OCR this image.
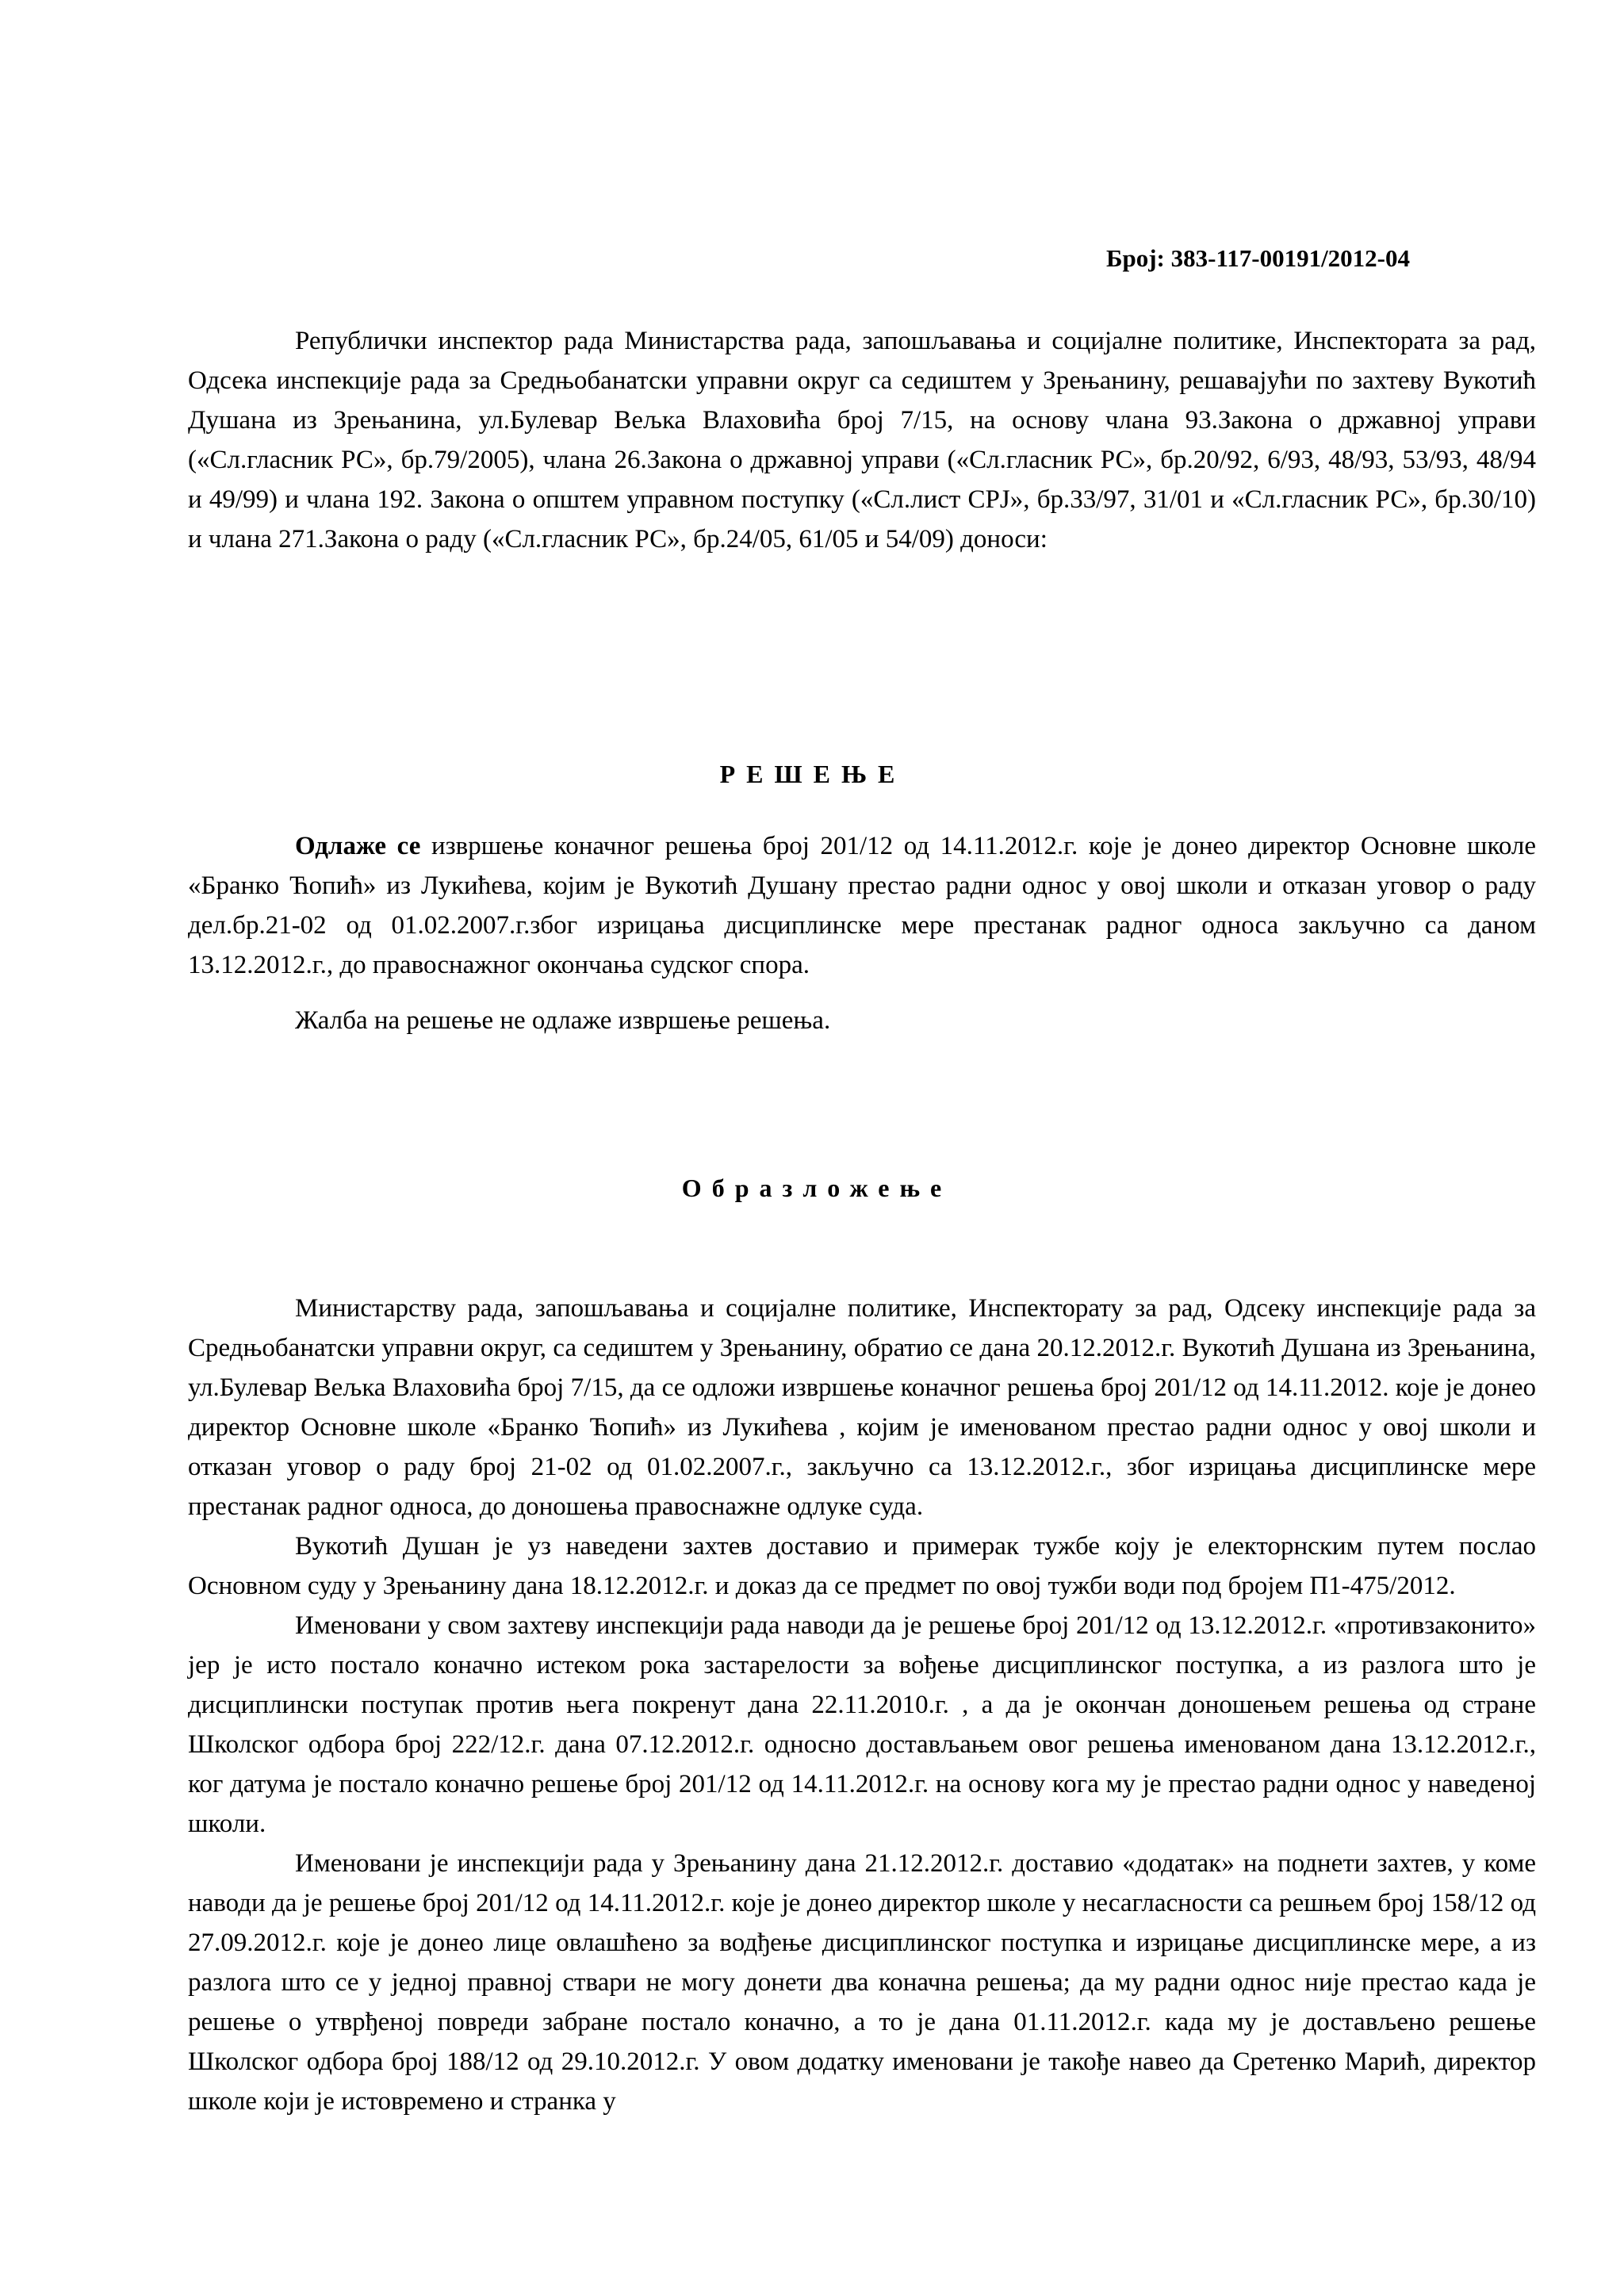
Број: 383-117-00191/2012-04

Републички инспектор рада Министарства рада, запошљавања и социјалне политике, Инспектората за рад, Одсека инспекције рада за Средњобанатски управни округ са седиштем у Зрењанину, решавајући по захтеву Вукотић Душана из Зрењанина, ул.Булевар Вељка Влаховића број 7/15, на основу члана 93.Закона о државној управи («Сл.гласник РС», бр.79/2005), члана 26.Закона о државној управи («Сл.гласник РС», бр.20/92, 6/93, 48/93, 53/93, 48/94 и 49/99) и члана 192. Закона о општем управном поступку («Сл.лист СРЈ», бр.33/97, 31/01 и «Сл.гласник РС», бр.30/10) и члана 271.Закона о раду («Сл.гласник РС», бр.24/05, 61/05 и 54/09) доноси:

РЕШЕЊЕ

Одлаже се извршење коначног решења број 201/12 од 14.11.2012.г. које је донео директор Основне школе «Бранко Ћопић» из Лукићева, којим је Вукотић Душану престао радни однос у овој школи и отказан уговор о раду дел.бр.21-02 од 01.02.2007.г.због изрицања дисциплинске мере престанак радног односа закључно са даном 13.12.2012.г., до правоснажног окончања судског спора.

Жалба на решење не одлаже извршење решења.

Образложење

Министарству рада, запошљавања и социјалне политике, Инспекторату за рад, Одсеку инспекције рада за Средњобанатски управни округ, са седиштем у Зрењанину, обратио се дана 20.12.2012.г. Вукотић Душана из Зрењанина, ул.Булевар Вељка Влаховића број 7/15, да се одложи извршење коначног решења број 201/12 од 14.11.2012. које је донео директор Основне школе «Бранко Ћопић» из Лукићева , којим је именованом престао радни однос у овој школи и отказан уговор о раду број 21-02 од 01.02.2007.г., закључно са 13.12.2012.г., због изрицања дисциплинске мере престанак радног односа, до доношења правоснажне одлуке суда.

Вукотић Душан је уз наведени захтев доставио и примерак тужбе коју је електорнским путем послао Основном суду у Зрењанину дана 18.12.2012.г. и доказ да се предмет по овој тужби води под бројем П1-475/2012.

Именовани у свом захтеву инспекцији рада наводи да је решење број 201/12 од 13.12.2012.г. «противзаконито» јер је исто постало коначно истеком рока застарелости за вођење дисциплинског поступка, а из разлога што је дисциплински поступак против њега покренут дана 22.11.2010.г. , а да је окончан доношењем решења од стране Школског одбора број 222/12.г. дана 07.12.2012.г. односно достављањем овог решења именованом дана 13.12.2012.г., ког датума је постало коначно решење број 201/12 од 14.11.2012.г. на основу кога му је престао радни однос у наведеној школи.

Именовани је инспекцији рада у Зрењанину дана 21.12.2012.г. доставио «додатак» на поднети захтев, у коме наводи да је решење број 201/12 од 14.11.2012.г. које је донео директор школе у несагласности са решњем број 158/12 од 27.09.2012.г. које је донео лице овлашћено за водђење дисциплинског поступка и изрицање дисциплинске мере, а из разлога што се у једној правној ствари не могу донети два коначна решења; да му радни однос није престао када је решење о утврђеној повреди забране постало коначно, а то је дана 01.11.2012.г. када му је достављено решење Школског одбора број 188/12 од 29.10.2012.г. У овом додатку именовани је такође навео да Сретенко Марић, директор школе који је истовремено и странка у
